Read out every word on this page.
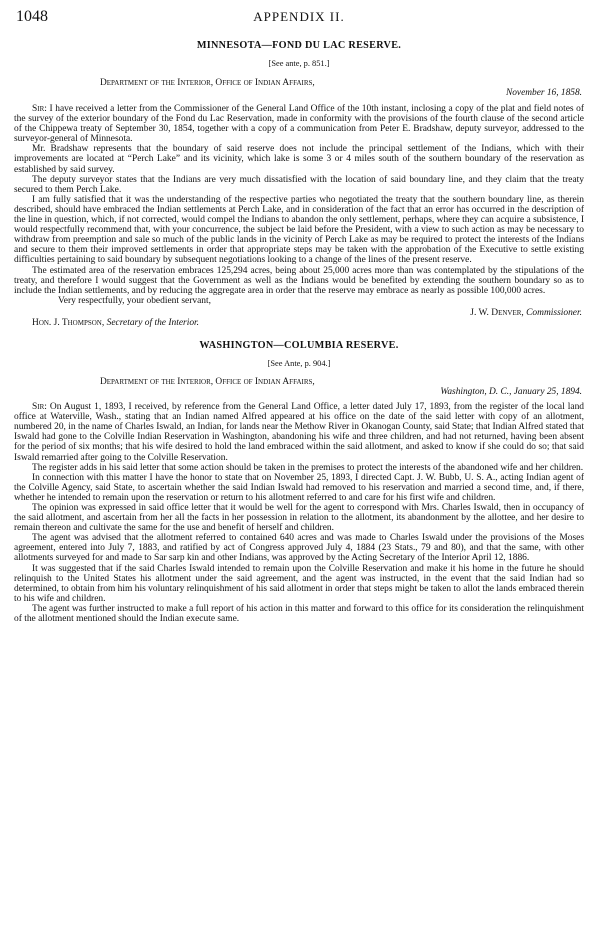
1048	APPENDIX II.
MINNESOTA—FOND DU LAC RESERVE.
[See ante, p. 851.]
Department of the Interior, Office of Indian Affairs,
November 16, 1858.

Sir: I have received a letter from the Commissioner of the General Land Office of the 10th instant, inclosing a copy of the plat and field notes of the survey of the exterior boundary of the Fond du Lac Reservation, made in conformity with the provisions of the fourth clause of the second article of the Chippewa treaty of September 30, 1854, together with a copy of a communication from Peter E. Bradshaw, deputy surveyor, addressed to the surveyor-general of Minnesota.

Mr. Bradshaw represents that the boundary of said reserve does not include the principal settlement of the Indians, which with their improvements are located at “Perch Lake” and its vicinity, which lake is some 3 or 4 miles south of the southern boundary of the reservation as established by said survey.

The deputy surveyor states that the Indians are very much dissatisfied with the location of said boundary line, and they claim that the treaty secured to them Perch Lake.

I am fully satisfied that it was the understanding of the respective parties who negotiated the treaty that the southern boundary line, as therein described, should have embraced the Indian settlements at Perch Lake, and in consideration of the fact that an error has occurred in the description of the line in question, which, if not corrected, would compel the Indians to abandon the only settlement, perhaps, where they can acquire a subsistence, I would respectfully recommend that, with your concurrence, the subject be laid before the President, with a view to such action as may be necessary to withdraw from preemption and sale so much of the public lands in the vicinity of Perch Lake as may be required to protect the interests of the Indians and secure to them their improved settlements in order that appropriate steps may be taken with the approbation of the Executive to settle existing difficulties pertaining to said boundary by subsequent negotiations looking to a change of the lines of the present reserve.

The estimated area of the reservation embraces 125,294 acres, being about 25,000 acres more than was contemplated by the stipulations of the treaty, and therefore I would suggest that the Government as well as the Indians would be benefited by extending the southern boundary so as to include the Indian settlements, and by reducing the aggregate area in order that the reserve may embrace as nearly as possible 100,000 acres.

Very respectfully, your obedient servant,
J. W. Denver, Commissioner.
Hon. J. Thompson, Secretary of the Interior.
WASHINGTON—COLUMBIA RESERVE.
[See Ante, p. 904.]
Department of the Interior, Office of Indian Affairs,
Washington, D. C., January 25, 1894.

Sir: On August 1, 1893, I received, by reference from the General Land Office, a letter dated July 17, 1893, from the register of the local land office at Waterville, Wash., stating that an Indian named Alfred appeared at his office on the date of the said letter with copy of an allotment, numbered 20, in the name of Charles Iswald, an Indian, for lands near the Methow River in Okanogan County, said State; that Indian Alfred stated that Iswald had gone to the Colville Indian Reservation in Washington, abandoning his wife and three children, and had not returned, having been absent for the period of six months; that his wife desired to hold the land embraced within the said allotment, and asked to know if she could do so; that said Iswald remarried after going to the Colville Reservation.

The register adds in his said letter that some action should be taken in the premises to protect the interests of the abandoned wife and her children.

In connection with this matter I have the honor to state that on November 25, 1893, I directed Capt. J. W. Bubb, U. S. A., acting Indian agent of the Colville Agency, said State, to ascertain whether the said Indian Iswald had removed to his reservation and married a second time, and, if there, whether he intended to remain upon the reservation or return to his allotment referred to and care for his first wife and children.

The opinion was expressed in said office letter that it would be well for the agent to correspond with Mrs. Charles Iswald, then in occupancy of the said allotment, and ascertain from her all the facts in her possession in relation to the allotment, its abandonment by the allottee, and her desire to remain thereon and cultivate the same for the use and benefit of herself and children.

The agent was advised that the allotment referred to contained 640 acres and was made to Charles Iswald under the provisions of the Moses agreement, entered into July 7, 1883, and ratified by act of Congress approved July 4, 1884 (23 Stats., 79 and 80), and that the same, with other allotments surveyed for and made to Sar sarp kin and other Indians, was approved by the Acting Secretary of the Interior April 12, 1886.

It was suggested that if the said Charles Iswald intended to remain upon the Colville Reservation and make it his home in the future he should relinquish to the United States his allotment under the said agreement, and the agent was instructed, in the event that the said Indian had so determined, to obtain from him his voluntary relinquishment of his said allotment in order that steps might be taken to allot the lands embraced therein to his wife and children.

The agent was further instructed to make a full report of his action in this matter and forward to this office for its consideration the relinquishment of the allotment mentioned should the Indian execute same.
